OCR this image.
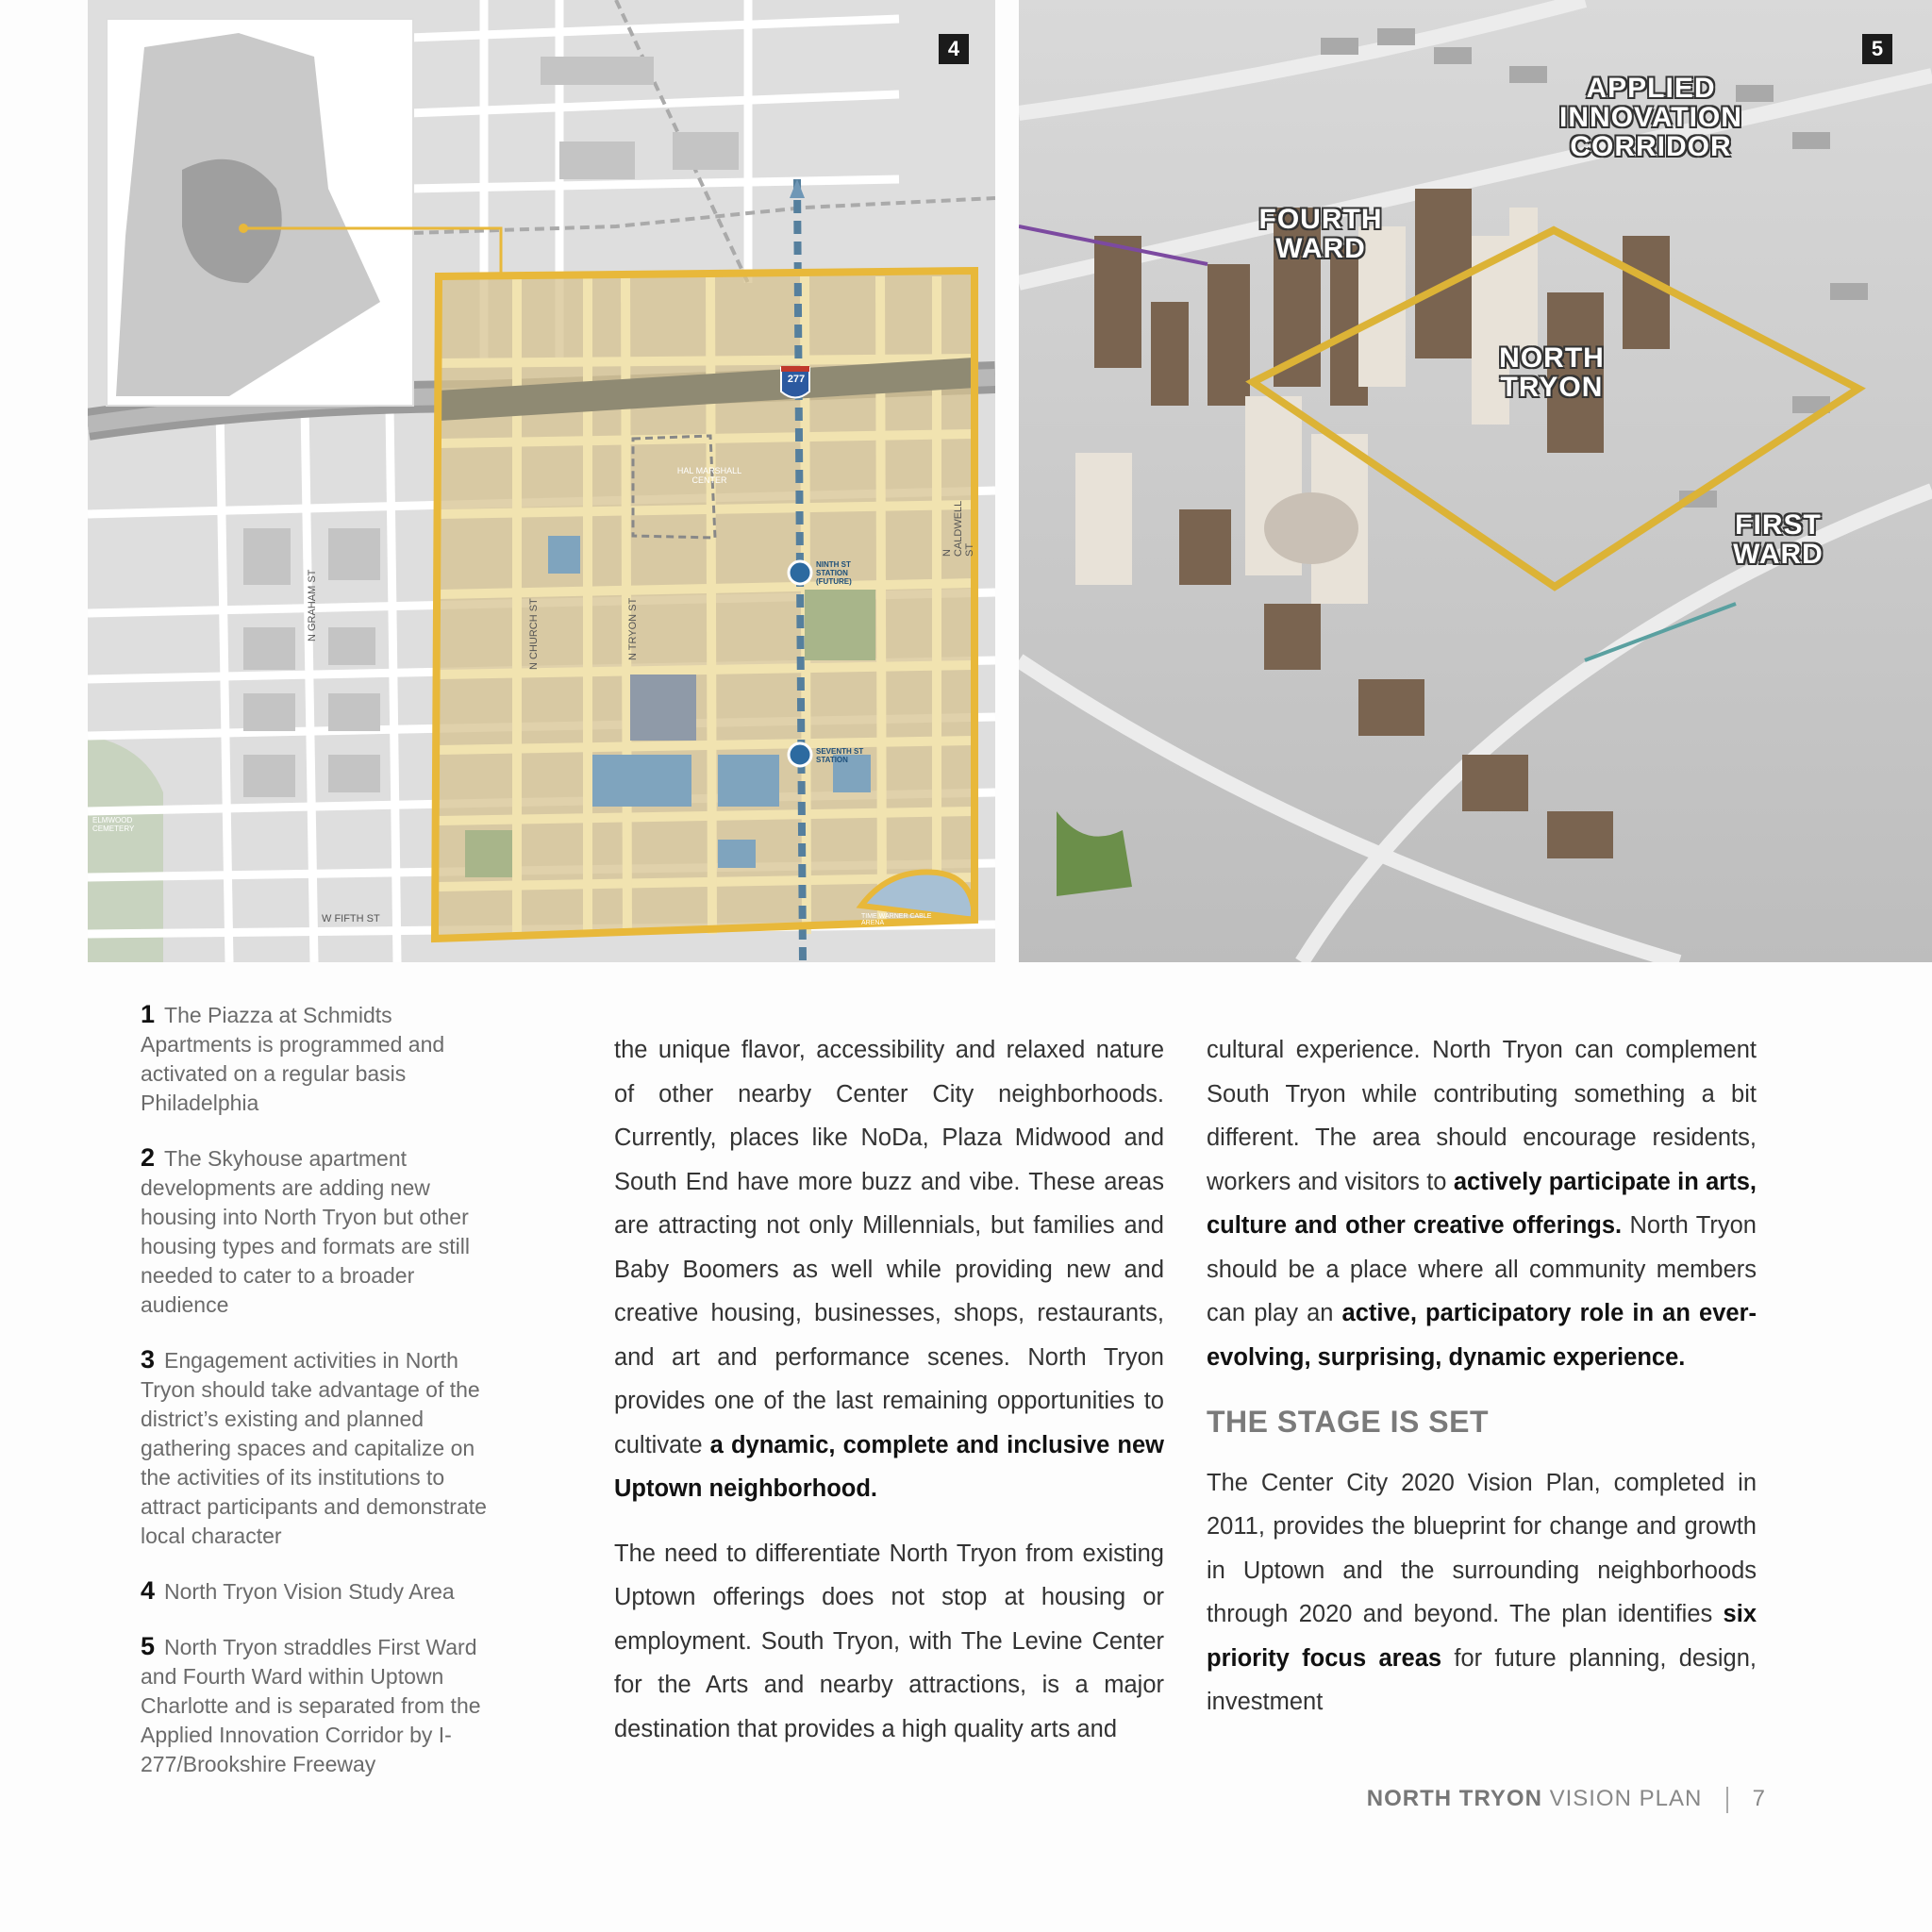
4
N GRAHAM ST	N CHURCH ST	N TRYON ST
N CALDWELL ST
W FIFTH ST
277
HAL MARSHALL CENTER
NINTH ST STATION (FUTURE)
SEVENTH ST STATION
TIME WARNER CABLE ARENA
ELMWOOD CEMETERY
5
APPLIED INNOVATION CORRIDOR
FOURTH WARD
NORTH TRYON
FIRST WARD
1 The Piazza at Schmidts Apartments is programmed and activated on a regular basis Philadelphia
2 The Skyhouse apartment developments are adding new housing into North Tryon but other housing types and formats are still needed to cater to a broader audience
3 Engagement activities in North Tryon should take advantage of the district’s existing and planned gathering spaces and capitalize on the activities of its institutions to attract participants and demonstrate local character
4 North Tryon Vision Study Area
5 North Tryon straddles First Ward and Fourth Ward within Uptown Charlotte and is separated from the Applied Innovation Corridor by I-277/Brookshire Freeway

the unique flavor, accessibility and relaxed nature of other nearby Center City neighborhoods. Currently, places like NoDa, Plaza Midwood and South End have more buzz and vibe. These areas are attracting not only Millennials, but families and Baby Boomers as well while providing new and creative housing, businesses, shops, restaurants, and art and performance scenes. North Tryon provides one of the last remaining opportunities to cultivate a dynamic, complete and inclusive new Uptown neighborhood.

The need to differentiate North Tryon from existing Uptown offerings does not stop at housing or employment. South Tryon, with The Levine Center for the Arts and nearby attractions, is a major destination that provides a high quality arts and

cultural experience. North Tryon can complement South Tryon while contributing something a bit different. The area should encourage residents, workers and visitors to actively participate in arts, culture and other creative offerings. North Tryon should be a place where all community members can play an active, participatory role in an ever-evolving, surprising, dynamic experience.

THE STAGE IS SET

The Center City 2020 Vision Plan, completed in 2011, provides the blueprint for change and growth in Uptown and the surrounding neighborhoods through 2020 and beyond. The plan identifies six priority focus areas for future planning, design, investment

NORTH TRYON VISION PLAN 7
